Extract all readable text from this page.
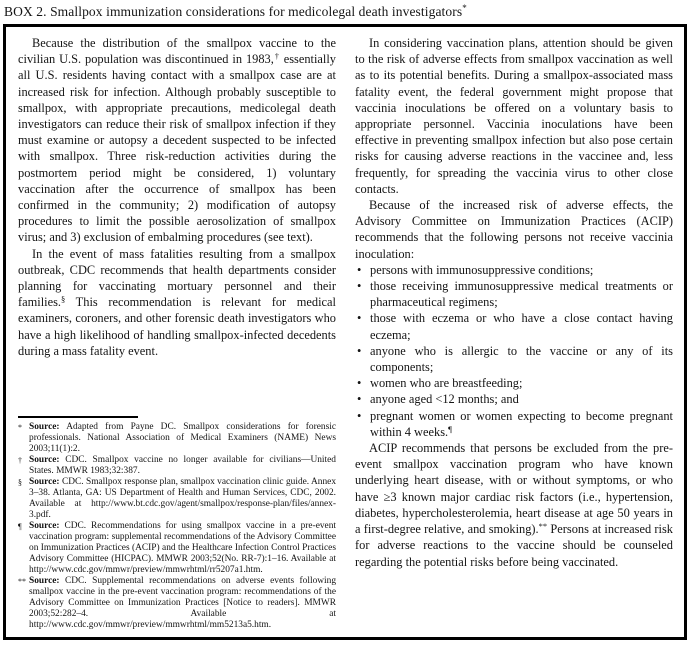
BOX 2. Smallpox immunization considerations for medicolegal death investigators*

Because the distribution of the smallpox vaccine to the civilian U.S. population was discontinued in 1983,† essentially all U.S. residents having contact with a smallpox case are at increased risk for infection. Although probably susceptible to smallpox, with appropriate precautions, medicolegal death investigators can reduce their risk of smallpox infection if they must examine or autopsy a decedent suspected to be infected with smallpox. Three risk-reduction activities during the postmortem period might be considered, 1) voluntary vaccination after the occurrence of smallpox has been confirmed in the community; 2) modification of autopsy procedures to limit the possible aerosolization of smallpox virus; and 3) exclusion of embalming procedures (see text).

In the event of mass fatalities resulting from a smallpox outbreak, CDC recommends that health departments consider planning for vaccinating mortuary personnel and their families.§ This recommendation is relevant for medical examiners, coroners, and other forensic death investigators who have a high likelihood of handling smallpox-infected decedents during a mass fatality event.

* Source: Adapted from Payne DC. Smallpox considerations for forensic professionals. National Association of Medical Examiners (NAME) News 2003;11(1):2.
† Source: CDC. Smallpox vaccine no longer available for civilians—United States. MMWR 1983;32:387.
§ Source: CDC. Smallpox response plan, smallpox vaccination clinic guide. Annex 3–38. Atlanta, GA: US Department of Health and Human Services, CDC, 2002. Available at http://www.bt.cdc.gov/agent/smallpox/response-plan/files/annex-3.pdf.
¶ Source: CDC. Recommendations for using smallpox vaccine in a pre-event vaccination program: supplemental recommendations of the Advisory Committee on Immunization Practices (ACIP) and the Healthcare Infection Control Practices Advisory Committee (HICPAC). MMWR 2003;52(No. RR-7):1–16. Available at http://www.cdc.gov/mmwr/preview/mmwrhtml/rr5207a1.htm.
** Source: CDC. Supplemental recommendations on adverse events following smallpox vaccine in the pre-event vaccination program: recommendations of the Advisory Committee on Immunization Practices [Notice to readers]. MMWR 2003;52:282–4. Available at http://www.cdc.gov/mmwr/preview/mmwrhtml/mm5213a5.htm.

In considering vaccination plans, attention should be given to the risk of adverse effects from smallpox vaccination as well as to its potential benefits. During a smallpox-associated mass fatality event, the federal government might propose that vaccinia inoculations be offered on a voluntary basis to appropriate personnel. Vaccinia inoculations have been effective in preventing smallpox infection but also pose certain risks for causing adverse reactions in the vaccinee and, less frequently, for spreading the vaccinia virus to other close contacts.

Because of the increased risk of adverse effects, the Advisory Committee on Immunization Practices (ACIP) recommends that the following persons not receive vaccinia inoculation:

• persons with immunosuppressive conditions;
• those receiving immunosuppressive medical treatments or pharmaceutical regimens;
• those with eczema or who have a close contact having eczema;
• anyone who is allergic to the vaccine or any of its components;
• women who are breastfeeding;
• anyone aged <12 months; and
• pregnant women or women expecting to become pregnant within 4 weeks.¶

ACIP recommends that persons be excluded from the pre-event smallpox vaccination program who have known underlying heart disease, with or without symptoms, or who have ≥3 known major cardiac risk factors (i.e., hypertension, diabetes, hypercholesterolemia, heart disease at age 50 years in a first-degree relative, and smoking).** Persons at increased risk for adverse reactions to the vaccine should be counseled regarding the potential risks before being vaccinated.
